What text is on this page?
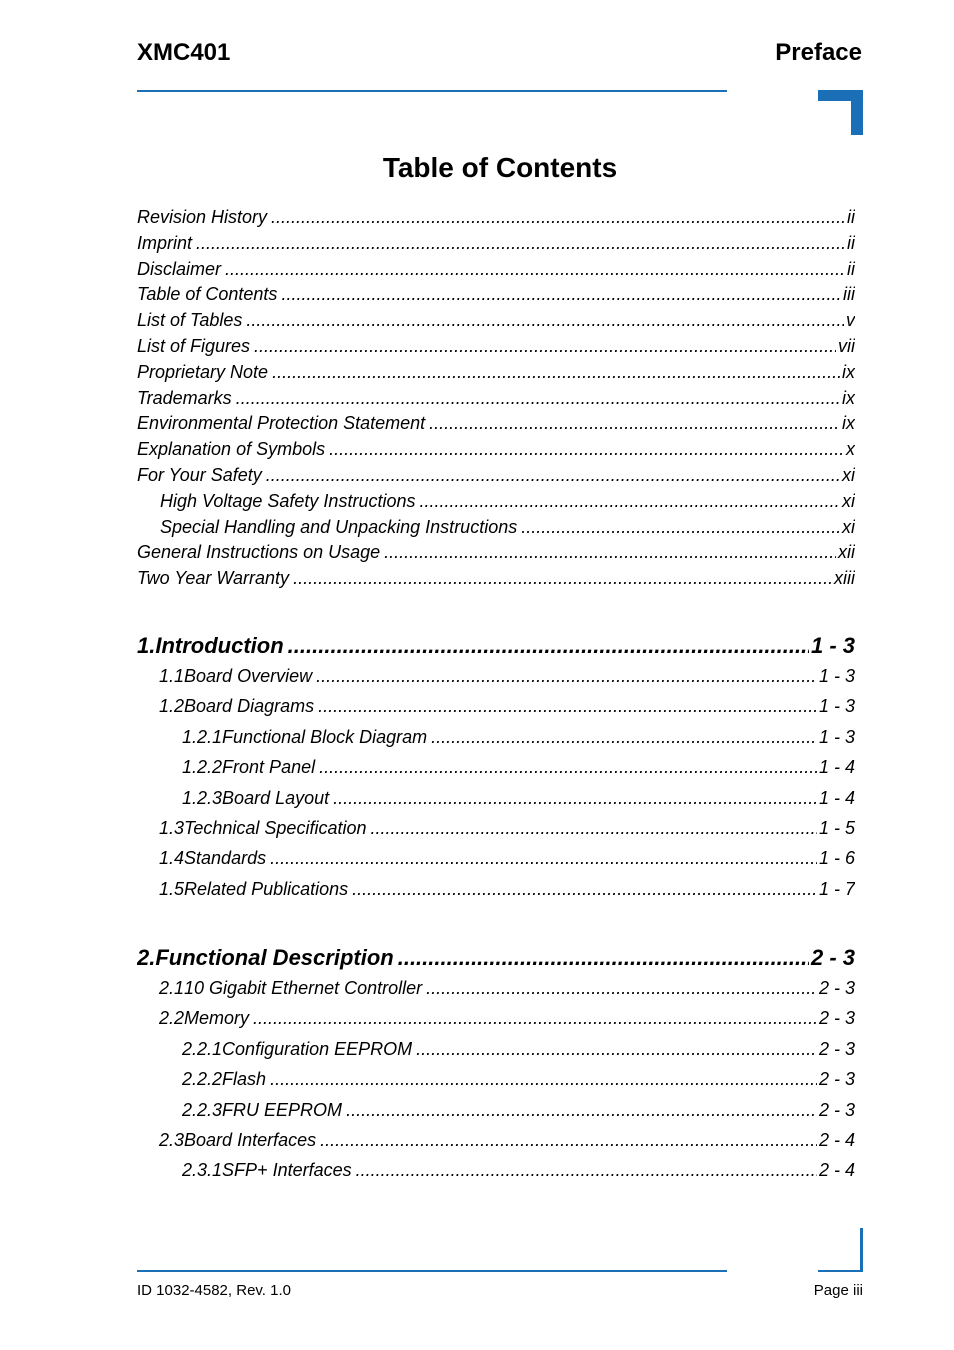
XMC401	Preface
Table of Contents
Revision History .....	ii
Imprint .....	ii
Disclaimer .....	ii
Table of Contents .....	iii
List of Tables .....	v
List of Figures .....	vii
Proprietary Note .....	ix
Trademarks .....	ix
Environmental Protection Statement .....	ix
Explanation of Symbols .....	x
For Your Safety .....	xi
High Voltage Safety Instructions .....	xi
Special Handling and Unpacking Instructions .....	xi
General Instructions on Usage .....	xii
Two Year Warranty .....	xiii
1. Introduction .....	1 - 3
1.1 Board Overview .....	1 - 3
1.2 Board Diagrams .....	1 - 3
1.2.1 Functional Block Diagram .....	1 - 3
1.2.2 Front Panel .....	1 - 4
1.2.3 Board Layout .....	1 - 4
1.3 Technical Specification .....	1 - 5
1.4 Standards .....	1 - 6
1.5 Related Publications .....	1 - 7
2. Functional Description .....	2 - 3
2.1 10 Gigabit Ethernet Controller .....	2 - 3
2.2 Memory .....	2 - 3
2.2.1 Configuration EEPROM .....	2 - 3
2.2.2 Flash .....	2 - 3
2.2.3 FRU EEPROM .....	2 - 3
2.3 Board Interfaces .....	2 - 4
2.3.1 SFP+ Interfaces .....	2 - 4
ID 1032-4582, Rev. 1.0	Page iii
